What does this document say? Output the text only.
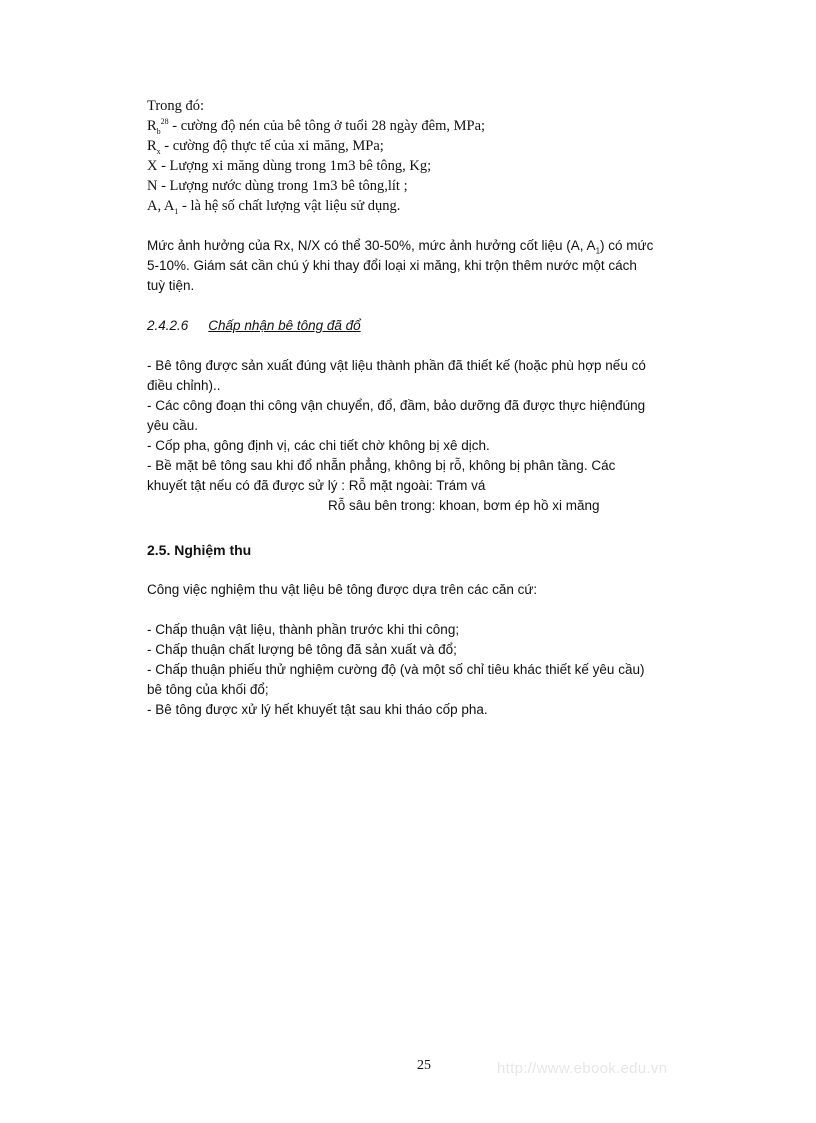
Trong đó:
$R_b^{28}$ - cường độ nén của bê tông ở tuổi 28 ngày đêm, MPa;
$R_x$ - cường độ thực tế của xi măng, MPa;
X - Lượng xi măng dùng trong 1m3 bê tông, Kg;
N - Lượng nước dùng trong 1m3 bê tông,lít ;
A, $A_1$ - là hệ số chất lượng vật liệu sử dụng.
Mức ảnh hưởng của Rx, N/X có thể 30-50%, mức ảnh hưởng cốt liệu (A, $A_1$) có mức
5-10%. Giám sát cần chú ý khi thay đổi loại xi măng, khi trộn thêm nước một cách
tuỳ tiện.
2.4.2.6 Chấp nhận bê tông đã đổ
- Bê tông được sản xuất đúng vật liệu thành phần đã thiết kế (hoặc phù hợp nếu có
điều chỉnh)..
- Các công đoạn thi công vận chuyển, đổ, đầm, bảo dưỡng đã được thực hiệnđúng
yêu cầu.
- Cốp pha, gông định vị, các chi tiết chờ không bị xê dịch.
- Bề mặt bê tông sau khi đổ nhẵn phẳng, không bị rỗ, không bị phân tầng. Các
khuyết tật nếu có đã được sử lý : Rỗ mặt ngoài: Trám vá
Rỗ sâu bên trong: khoan, bơm ép hồ xi măng
2.5. Nghiệm thu
Công việc nghiệm thu vật liệu bê tông được dựa trên các căn cứ:
- Chấp thuận vật liệu, thành phần trước khi thi công;
- Chấp thuận chất lượng bê tông đã sản xuất và đổ;
- Chấp thuận phiếu thử nghiệm cường độ (và một số chỉ tiêu khác thiết kế yêu cầu)
bê tông của khối đổ;
- Bê tông được xử lý hết khuyết tật sau khi tháo cốp pha.
25	http://www.ebook.edu.vn
